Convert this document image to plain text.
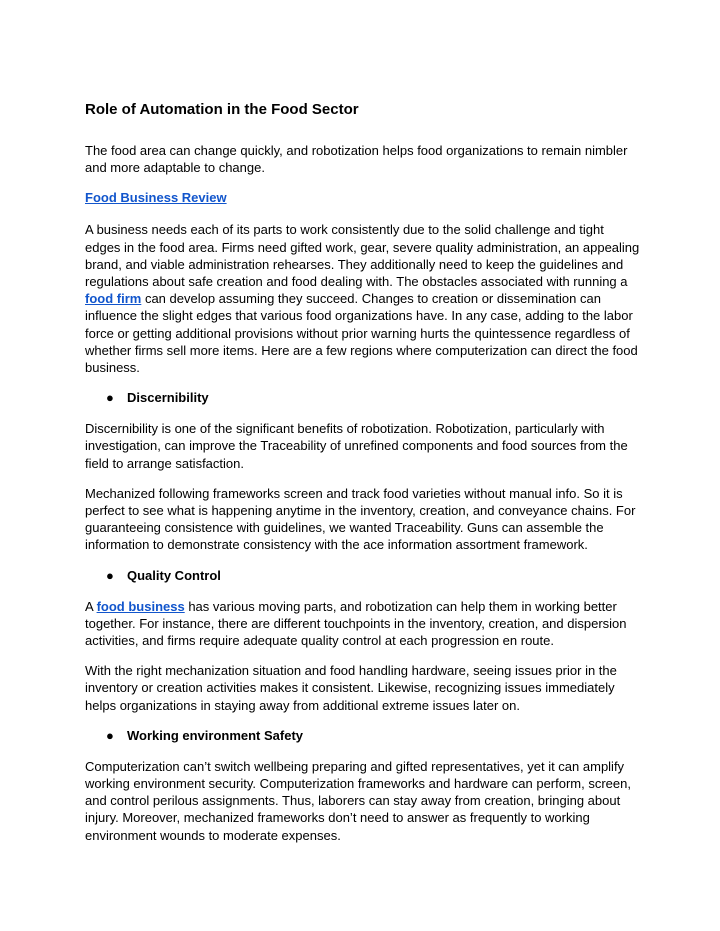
Role of Automation in the Food Sector

The food area can change quickly, and robotization helps food organizations to remain nimbler and more adaptable to change.

Food Business Review

A business needs each of its parts to work consistently due to the solid challenge and tight edges in the food area. Firms need gifted work, gear, severe quality administration, an appealing brand, and viable administration rehearses. They additionally need to keep the guidelines and regulations about safe creation and food dealing with. The obstacles associated with running a food firm can develop assuming they succeed. Changes to creation or dissemination can influence the slight edges that various food organizations have. In any case, adding to the labor force or getting additional provisions without prior warning hurts the quintessence regardless of whether firms sell more items. Here are a few regions where computerization can direct the food business.

● Discernibility

Discernibility is one of the significant benefits of robotization. Robotization, particularly with investigation, can improve the Traceability of unrefined components and food sources from the field to arrange satisfaction.

Mechanized following frameworks screen and track food varieties without manual info. So it is perfect to see what is happening anytime in the inventory, creation, and conveyance chains. For guaranteeing consistence with guidelines, we wanted Traceability. Guns can assemble the information to demonstrate consistency with the ace information assortment framework.

● Quality Control

A food business has various moving parts, and robotization can help them in working better together. For instance, there are different touchpoints in the inventory, creation, and dispersion activities, and firms require adequate quality control at each progression en route.

With the right mechanization situation and food handling hardware, seeing issues prior in the inventory or creation activities makes it consistent. Likewise, recognizing issues immediately helps organizations in staying away from additional extreme issues later on.

● Working environment Safety

Computerization can’t switch wellbeing preparing and gifted representatives, yet it can amplify working environment security. Computerization frameworks and hardware can perform, screen, and control perilous assignments. Thus, laborers can stay away from creation, bringing about injury. Moreover, mechanized frameworks don’t need to answer as frequently to working environment wounds to moderate expenses.
